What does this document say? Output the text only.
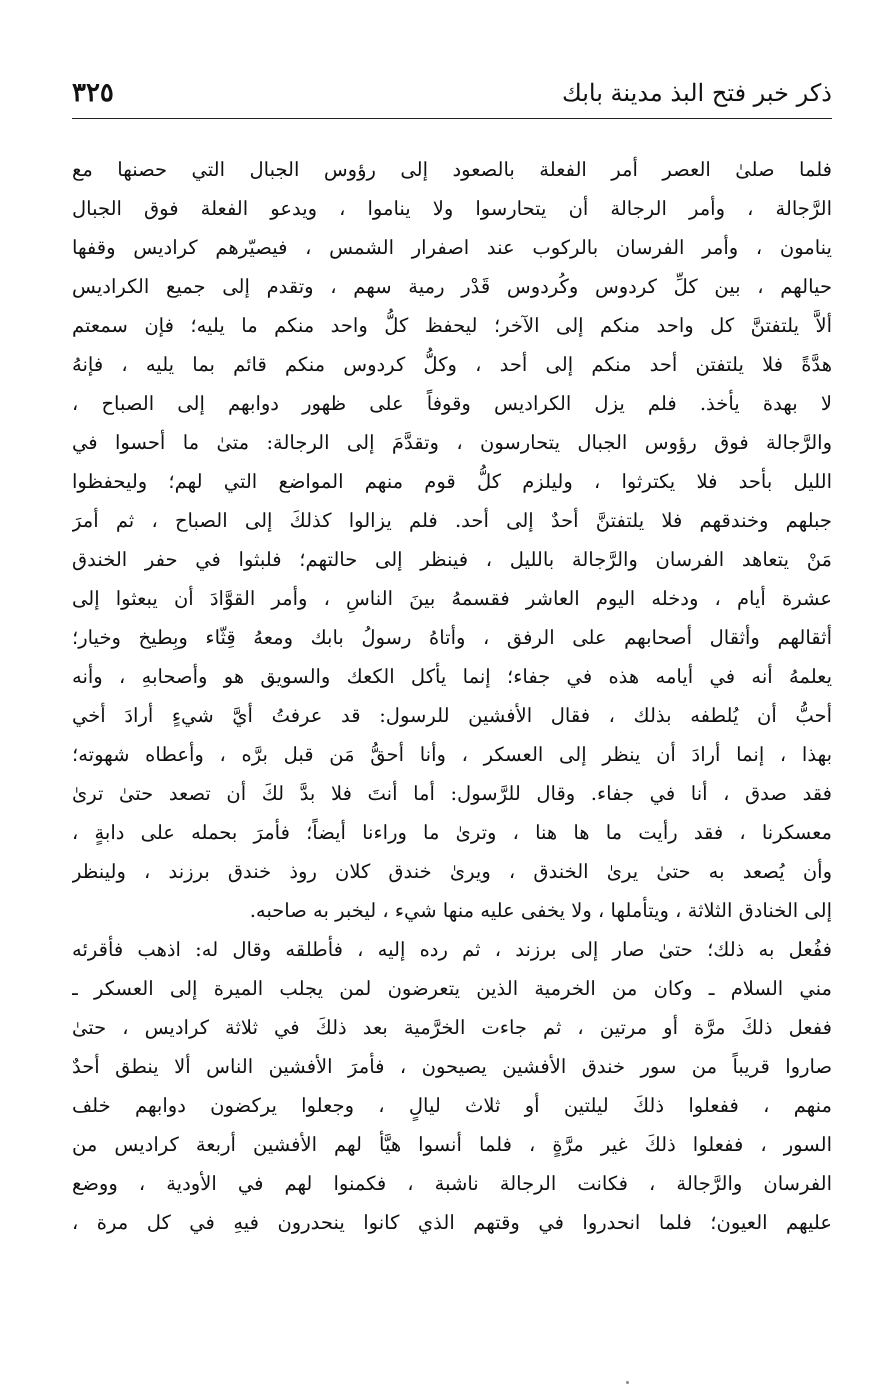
ذكر خبر فتح البذ مدينة بابك
٣٢٥
فلما صلىٰ العصر أمر الفعلة بالصعود إلى رؤوس الجبال التي حصنها مع
الرَّجالة ، وأمر الرجالة أن يتحارسوا ولا يناموا ، ويدعو الفعلة فوق الجبال
ينامون ، وأمر الفرسان بالركوب عند اصفرار الشمس ، فيصيّرهم كراديس وقفها
حيالهم ، بين كلِّ كردوس وكُردوس قَدْر رمية سهم ، وتقدم إلى جميع الكراديس
ألاَّ يلتفتنَّ كل واحد منكم إلى الآخر؛ ليحفظ كلُّ واحد منكم ما يليه؛ فإن سمعتم
هدَّةً فلا يلتفتن أحد منكم إلى أحد ، وكلُّ كردوس منكم قائم بما يليه ، فإنهُ
لا بهدة يأخذ. فلم يزل الكراديس وقوفاً على ظهور دوابهم إلى الصباح ،
والرَّجالة فوق رؤوس الجبال يتحارسون ، وتقدَّمَ إلى الرجالة: متىٰ ما أحسوا في
الليل بأحد فلا يكترثوا ، وليلزم كلُّ قوم منهم المواضع التي لهم؛ وليحفظوا
جبلهم وخندقهم فلا يلتفتنَّ أحدٌ إلى أحد. فلم يزالوا كذلكَ إلى الصباح ، ثم أمرَ
مَنْ يتعاهد الفرسان والرَّجالة بالليل ، فينظر إلى حالتهم؛ فلبثوا في حفر الخندق
عشرة أيام ، ودخله اليوم العاشر فقسمهُ بينَ الناسِ ، وأمر القوَّادَ أن يبعثوا إلى
أثقالهم وأثقال أصحابهم على الرفق ، وأتاهُ رسولُ بابك ومعهُ قِثّاء وبِطيخ وخيار؛
يعلمهُ أنه في أيامه هذه في جفاء؛ إنما يأكل الكعك والسويق هو وأصحابهِ ، وأنه
أحبُّ أن يُلطفه بذلك ، فقال الأفشين للرسول: قد عرفتُ أيَّ شيءٍ أرادَ أخي
بهذا ، إنما أرادَ أن ينظر إلى العسكر ، وأنا أحقُّ مَن قبل برَّه ، وأعطاه شهوته؛
فقد صدق ، أنا في جفاء. وقال للرَّسول: أما أنتَ فلا بدَّ لكَ أن تصعد حتىٰ ترىٰ
معسكرنا ، فقد رأيت ما ها هنا ، وترىٰ ما وراءنا أيضاً؛ فأمرَ بحمله على دابةٍ ،
وأن يُصعد به حتىٰ يرىٰ الخندق ، ويرىٰ خندق كلان روذ خندق برزند ، ولينظر
إلى الخنادق الثلاثة ، ويتأملها ، ولا يخفى عليه منها شيء ، ليخبر به صاحبه.
ففُعل به ذلك؛ حتىٰ صار إلى برزند ، ثم رده إليه ، فأطلقه وقال له: اذهب فأقرئه
مني السلام ـ وكان من الخرمية الذين يتعرضون لمن يجلب الميرة إلى العسكر ـ
ففعل ذلكَ مرَّة أو مرتين ، ثم جاءت الخرَّمية بعد ذلكَ في ثلاثة كراديس ، حتىٰ
صاروا قريباً من سور خندق الأفشين يصيحون ، فأمرَ الأفشين الناس ألا ينطق أحدٌ
منهم ، ففعلوا ذلكَ ليلتين أو ثلاث ليالٍ ، وجعلوا يركضون دوابهم خلف
السور ، ففعلوا ذلكَ غير مرَّةٍ ، فلما أنسوا هيَّأ لهم الأفشين أربعة كراديس من
الفرسان والرَّجالة ، فكانت الرجالة ناشبة ، فكمنوا لهم في الأودية ، ووضع
عليهم العيون؛ فلما انحدروا في وقتهم الذي كانوا ينحدرون فيهِ في كل مرة ،
